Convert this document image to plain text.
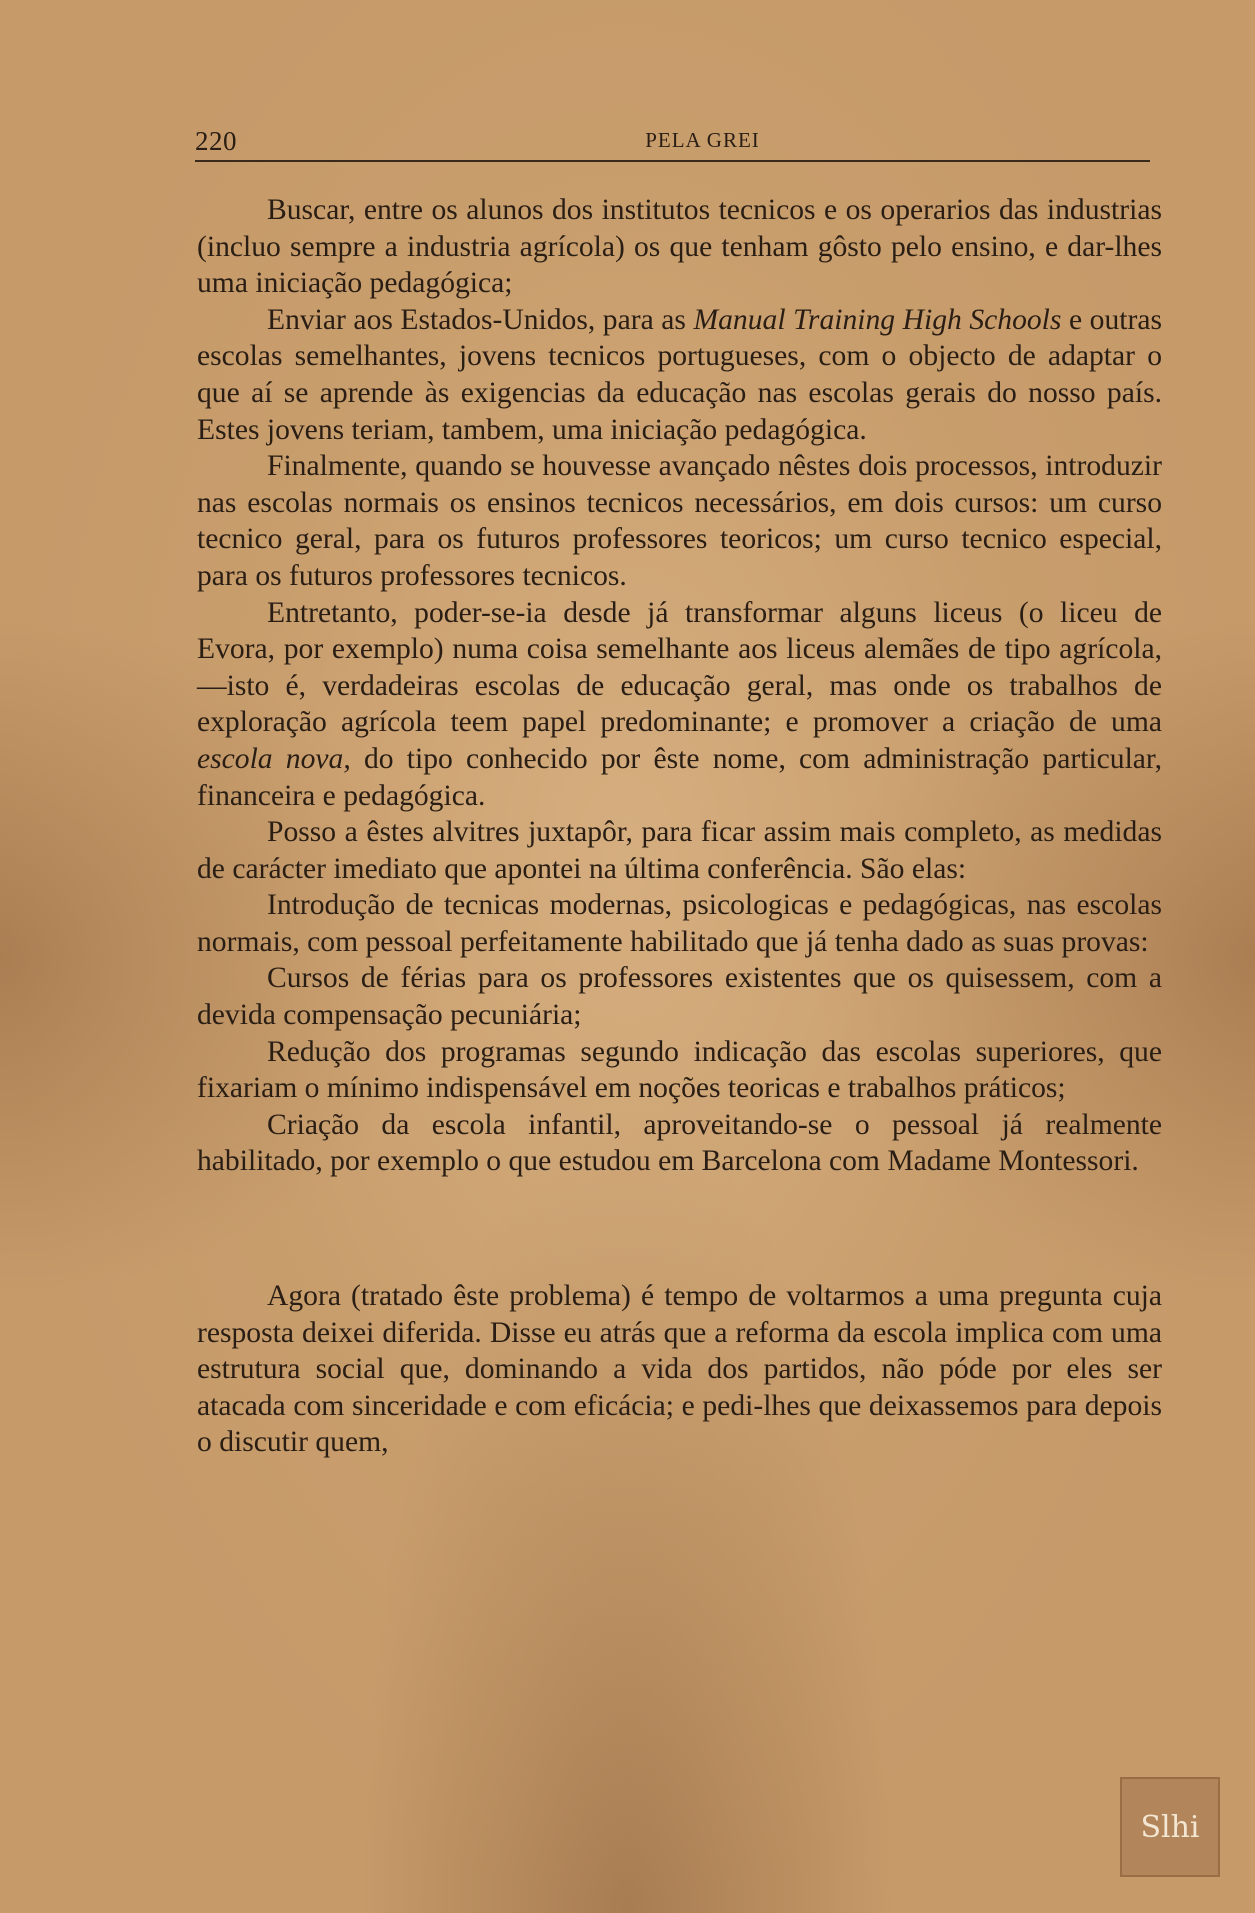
220	PELA GREI

Buscar, entre os alunos dos institutos tecnicos e os operarios das industrias (incluo sempre a industria agrícola) os que tenham gôsto pelo ensino, e dar-lhes uma iniciação pedagógica;

Enviar aos Estados-Unidos, para as Manual Training High Schools e outras escolas semelhantes, jovens tecnicos portugueses, com o objecto de adaptar o que aí se aprende às exigencias da educação nas escolas gerais do nosso país. Estes jovens teriam, tambem, uma iniciação pedagógica.

Finalmente, quando se houvesse avançado nêstes dois processos, introduzir nas escolas normais os ensinos tecnicos necessários, em dois cursos: um curso tecnico geral, para os futuros professores teoricos; um curso tecnico especial, para os futuros professores tecnicos.

Entretanto, poder-se-ia desde já transformar alguns liceus (o liceu de Evora, por exemplo) numa coisa semelhante aos liceus alemães de tipo agrícola,—isto é, verdadeiras escolas de educação geral, mas onde os trabalhos de exploração agrícola teem papel predominante; e promover a criação de uma escola nova, do tipo conhecido por êste nome, com administração particular, financeira e pedagógica.

Posso a êstes alvitres juxtapôr, para ficar assim mais completo, as medidas de carácter imediato que apontei na última conferência. São elas:

Introdução de tecnicas modernas, psicologicas e pedagógicas, nas escolas normais, com pessoal perfeitamente habilitado que já tenha dado as suas provas:

Cursos de férias para os professores existentes que os quisessem, com a devida compensação pecuniária;

Redução dos programas segundo indicação das escolas superiores, que fixariam o mínimo indispensável em noções teoricas e trabalhos práticos;

Criação da escola infantil, aproveitando-se o pessoal já realmente habilitado, por exemplo o que estudou em Barcelona com Madame Montessori.

Agora (tratado êste problema) é tempo de voltarmos a uma pregunta cuja resposta deixei diferida. Disse eu atrás que a reforma da escola implica com uma estrutura social que, dominando a vida dos partidos, não póde por eles ser atacada com sinceridade e com eficácia; e pedi-lhes que deixassemos para depois o discutir quem,

Slhi
